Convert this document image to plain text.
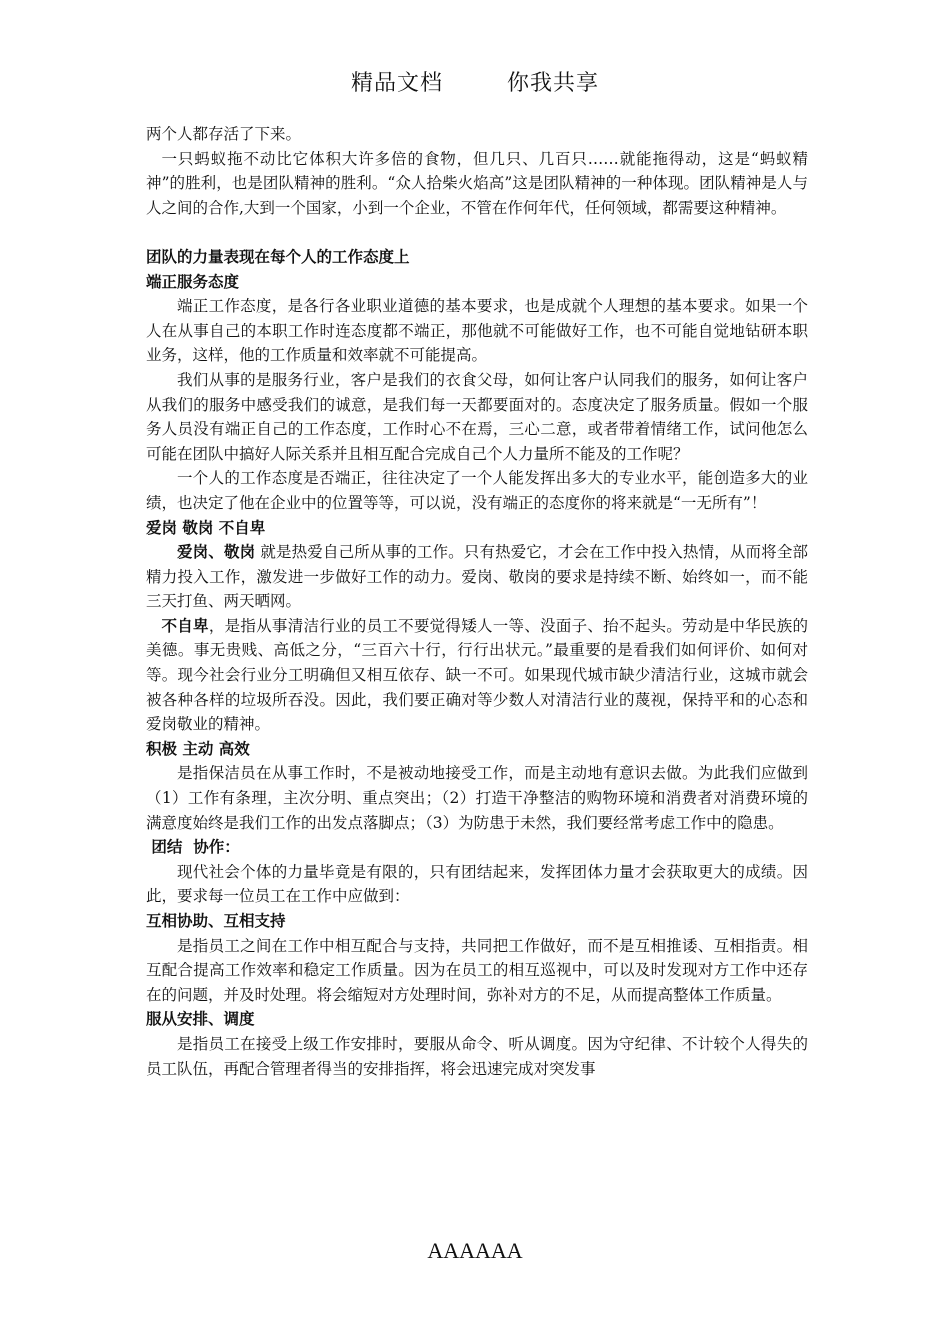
精品文档        你我共享

两个人都存活了下来。

一只蚂蚁拖不动比它体积大许多倍的食物，但几只、几百只……就能拖得动，这是“蚂蚁精神”的胜利，也是团队精神的胜利。“众人拾柴火焰高”这是团队精神的一种体现。团队精神是人与人之间的合作,大到一个国家，小到一个企业，不管在作何年代，任何领域，都需要这种精神。

团队的力量表现在每个人的工作态度上

端正服务态度

端正工作态度，是各行各业职业道德的基本要求，也是成就个人理想的基本要求。如果一个人在从事自己的本职工作时连态度都不端正，那他就不可能做好工作，也不可能自觉地钻研本职业务，这样，他的工作质量和效率就不可能提高。

我们从事的是服务行业，客户是我们的衣食父母，如何让客户认同我们的服务，如何让客户从我们的服务中感受我们的诚意，是我们每一天都要面对的。态度决定了服务质量。假如一个服务人员没有端正自己的工作态度，工作时心不在焉，三心二意，或者带着情绪工作，试问他怎么可能在团队中搞好人际关系并且相互配合完成自己个人力量所不能及的工作呢？

一个人的工作态度是否端正，往往决定了一个人能发挥出多大的专业水平，能创造多大的业绩，也决定了他在企业中的位置等等，可以说，没有端正的态度你的将来就是“一无所有”！

爱岗 敬岗 不自卑

爱岗、敬岗 就是热爱自己所从事的工作。只有热爱它，才会在工作中投入热情，从而将全部精力投入工作，激发进一步做好工作的动力。爱岗、敬岗的要求是持续不断、始终如一，而不能三天打鱼、两天晒网。

不自卑，是指从事清洁行业的员工不要觉得矮人一等、没面子、抬不起头。劳动是中华民族的美德。事无贵贱、高低之分，“三百六十行，行行出状元。”最重要的是看我们如何评价、如何对等。现今社会行业分工明确但又相互依存、缺一不可。如果现代城市缺少清洁行业，这城市就会被各种各样的垃圾所吞没。因此，我们要正确对等少数人对清洁行业的蔑视，保持平和的心态和爱岗敬业的精神。

积极 主动 高效

是指保洁员在从事工作时，不是被动地接受工作，而是主动地有意识去做。为此我们应做到（1）工作有条理，主次分明、重点突出；（2）打造干净整洁的购物环境和消费者对消费环境的满意度始终是我们工作的出发点落脚点；（3）为防患于未然，我们要经常考虑工作中的隐患。

团结  协作：

现代社会个体的力量毕竟是有限的，只有团结起来，发挥团体力量才会获取更大的成绩。因此，要求每一位员工在工作中应做到：

互相协助、互相支持

是指员工之间在工作中相互配合与支持，共同把工作做好，而不是互相推诿、互相指责。相互配合提高工作效率和稳定工作质量。因为在员工的相互巡视中，可以及时发现对方工作中还存在的问题，并及时处理。将会缩短对方处理时间，弥补对方的不足，从而提高整体工作质量。

服从安排、调度

是指员工在接受上级工作安排时，要服从命令、听从调度。因为守纪律、不计较个人得失的员工队伍，再配合管理者得当的安排指挥，将会迅速完成对突发事

AAAAAA
